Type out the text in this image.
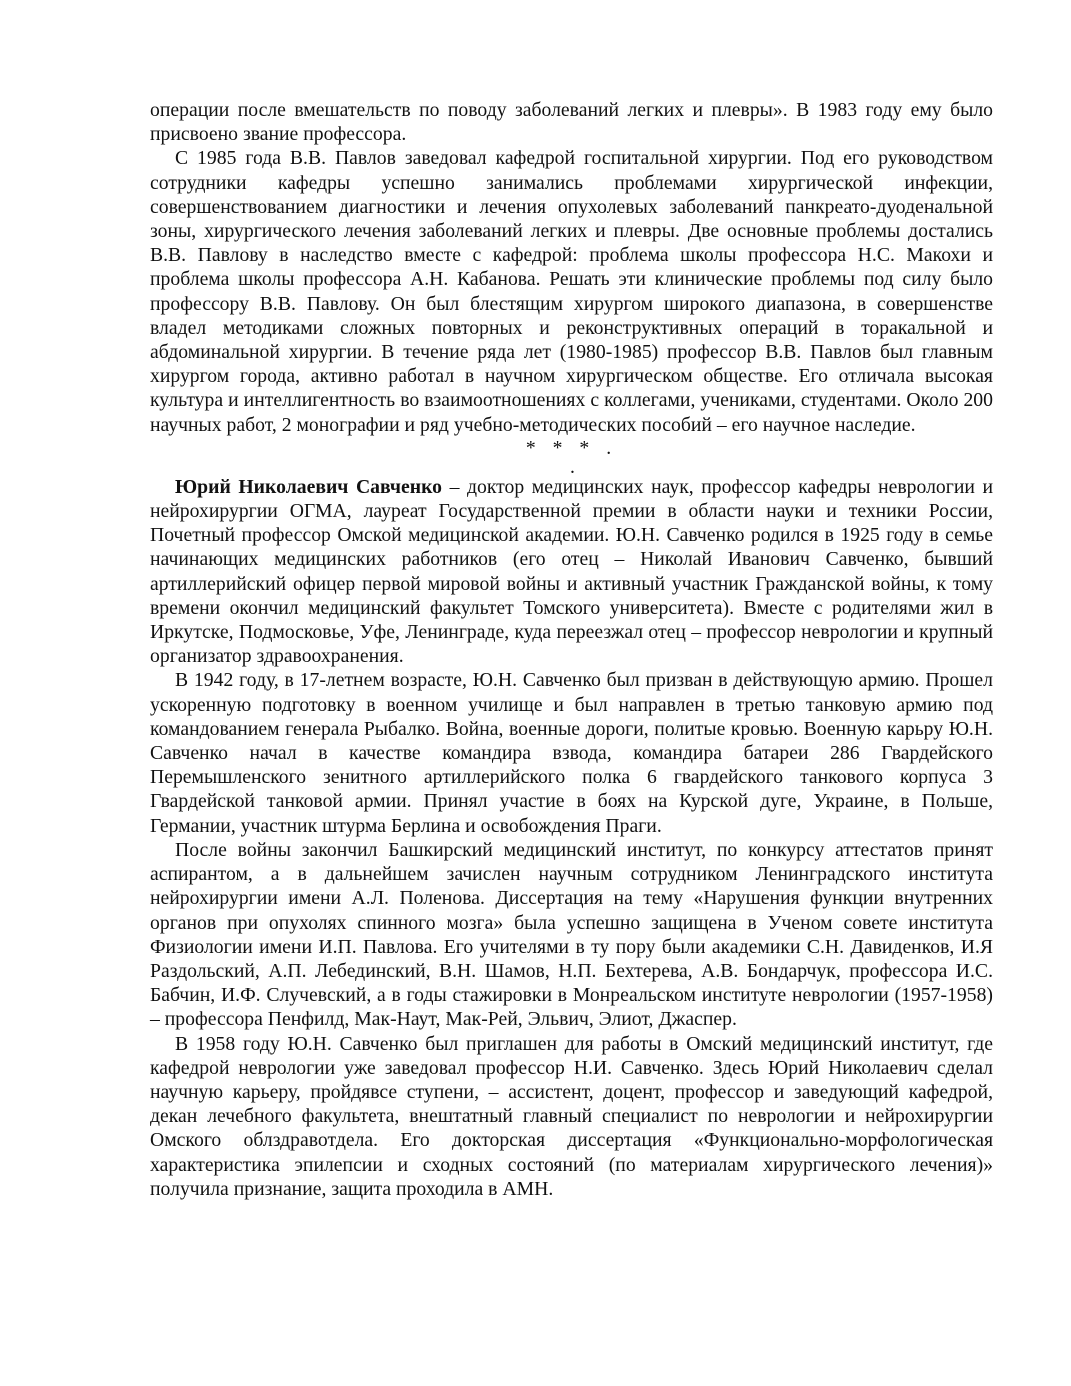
операции после вмешательств по поводу заболеваний легких и плевры». В 1983 году ему было присвоено звание профессора.

С 1985 года В.В. Павлов заведовал кафедрой госпитальной хирургии. Под его руководством сотрудники кафедры успешно занимались проблемами хирургической инфекции, совершенствованием диагностики и лечения опухолевых заболеваний панкреато-дуоденальной зоны, хирургического лечения заболеваний легких и плевры. Две основные проблемы достались В.В. Павлову в наследство вместе с кафедрой: проблема школы профессора Н.С. Макохи и проблема школы профессора А.Н. Кабанова. Решать эти клинические проблемы под силу было профессору В.В. Павлову. Он был блестящим хирургом широкого диапазона, в совершенстве владел методиками сложных повторных и реконструктивных операций в торакальной и абдоминальной хирургии. В течение ряда лет (1980-1985) профессор В.В. Павлов был главным хирургом города, активно работал в научном хирургическом обществе. Его отличала высокая культура и интеллигентность во взаимоотношениях с коллегами, учениками, студентами. Около 200 научных работ, 2 монографии и ряд учебно-методических пособий – его научное наследие.

* * * .

.

Юрий Николаевич Савченко – доктор медицинских наук, профессор кафедры неврологии и нейрохирургии ОГМА, лауреат Государственной премии в области науки и техники России, Почетный профессор Омской медицинской академии. Ю.Н. Савченко родился в 1925 году в семье начинающих медицинских работников (его отец – Николай Иванович Савченко, бывший артиллерийский офицер первой мировой войны и активный участник Гражданской войны, к тому времени окончил медицинский факультет Томского университета). Вместе с родителями жил в Иркутске, Подмосковье, Уфе, Ленинграде, куда переезжал отец – профессор неврологии и крупный организатор здравоохранения.

В 1942 году, в 17-летнем возрасте, Ю.Н. Савченко был призван в действующую армию. Прошел ускоренную подготовку в военном училище и был направлен в третью танковую армию под командованием генерала Рыбалко. Война, военные дороги, политые кровью. Военную карьру Ю.Н. Савченко начал в качестве командира взвода, командира батареи 286 Гвардейского Перемышленского зенитного артиллерийского полка 6 гвардейского танкового корпуса 3 Гвардейской танковой армии. Принял участие в боях на Курской дуге, Украине, в Польше, Германии, участник штурма Берлина и освобождения Праги.

После войны закончил Башкирский медицинский институт, по конкурсу аттестатов принят аспирантом, а в дальнейшем зачислен научным сотрудником Ленинградского института нейрохирургии имени А.Л. Поленова. Диссертация на тему «Нарушения функции внутренних органов при опухолях спинного мозга» была успешно защищена в Ученом совете института Физиологии имени И.П. Павлова. Его учителями в ту пору были академики С.Н. Давиденков, И.Я Раздольский, А.П. Лебединский, В.Н. Шамов, Н.П. Бехтерева, А.В. Бондарчук, профессора И.С. Бабчин, И.Ф. Случевский, а в годы стажировки в Монреальском институте неврологии (1957-1958) – профессора Пенфилд, Мак-Наут, Мак-Рей, Эльвич, Элиот, Джаспер.

В 1958 году Ю.Н. Савченко был приглашен для работы в Омский медицинский институт, где кафедрой неврологии уже заведовал профессор Н.И. Савченко. Здесь Юрий Николаевич сделал научную карьеру, пройдявсе ступени, – ассистент, доцент, профессор и заведующий кафедрой, декан лечебного факультета, внештатный главный специалист по неврологии и нейрохирургии Омского облздравотдела. Его докторская диссертация «Функционально-морфологическая характеристика эпилепсии и сходных состояний (по материалам хирургического лечения)» получила признание, защита проходила в АМН.
